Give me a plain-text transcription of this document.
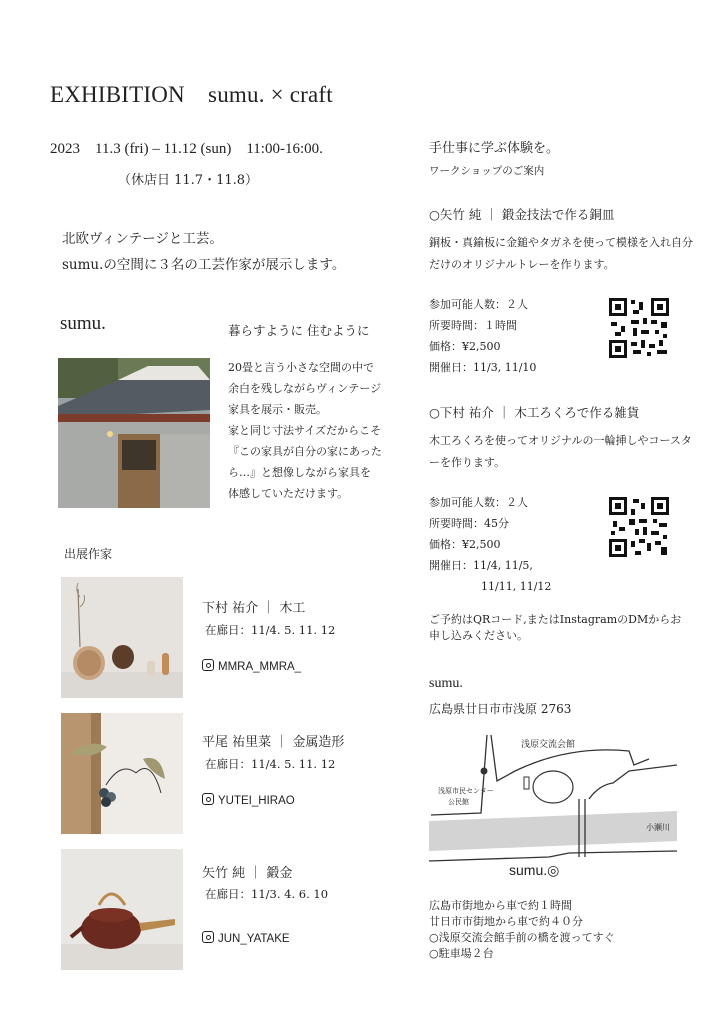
EXHIBITION　sumu. × craft
2023　11.3 (fri) – 11.12 (sun)　11:00-16:00.
（休店日 11.7・11.8）
北欧ヴィンテージと工芸。
sumu.の空間に３名の工芸作家が展示します。
sumu.	暮らすように 住むように
20畳と言う小さな空間の中で
余白を残しながらヴィンテージ
家具を展示・販売。
家と同じ寸法サイズだからこそ
『この家具が自分の家にあった
ら…』と想像しながら家具を
体感していただけます。
出展作家
下村 祐介 ｜ 木工
在廊日：11/4. 5. 11. 12
MMRA_MMRA_
平尾 祐里菜 ｜ 金属造形
在廊日：11/4. 5. 11. 12
YUTEI_HIRAO
矢竹 純 ｜ 鍛金
在廊日：11/3. 4. 6. 10
JUN_YATAKE
手仕事に学ぶ体験を。
ワークショップのご案内
○矢竹 純 ｜ 鍛金技法で作る銅皿
銅板・真鍮板に金鎚やタガネを使って模様を入れ自分だけのオリジナルトレーを作ります。
参加可能人数：２人
所要時間：１時間
価格：¥2,500
開催日：11/3, 11/10
○下村 祐介 ｜ 木工ろくろで作る雑貨
木工ろくろを使ってオリジナルの一輪挿しやコースターを作ります。
参加可能人数：２人
所要時間：45分
価格：¥2,500
開催日：11/4, 11/5,
11/11, 11/12
ご予約はQRコード,またはInstagramのDMからお申し込みください。
sumu.
広島県廿日市市浅原 2763
浅原交流会館
浅原市民センター
公民館
小瀬川
sumu.◎
広島市街地から車で約１時間
廿日市市街地から車で約４０分
○浅原交流会館手前の橋を渡ってすぐ
○駐車場２台
